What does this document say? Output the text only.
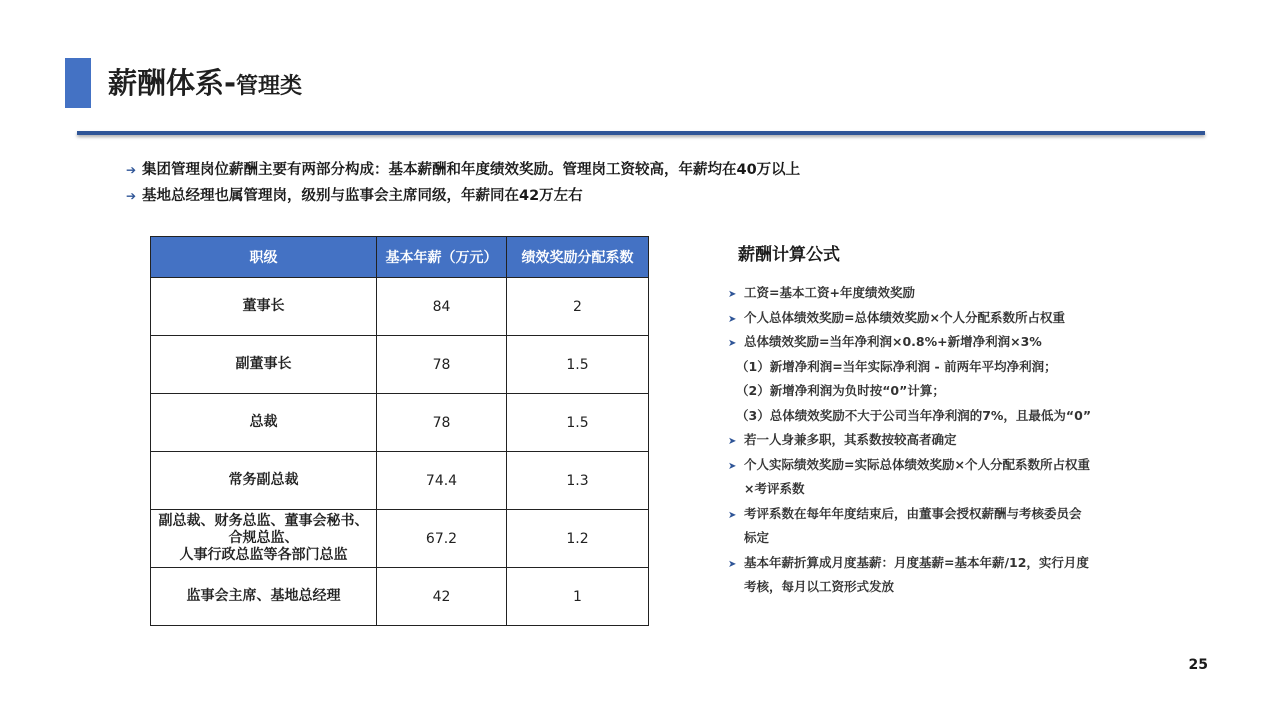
薪酬体系-管理类
➔ 集团管理岗位薪酬主要有两部分构成：基本薪酬和年度绩效奖励。管理岗工资较高，年薪均在40万以上
➔ 基地总经理也属管理岗，级别与监事会主席同级，年薪同在42万左右
职级	基本年薪（万元）	绩效奖励分配系数

董事长	84	2

副董事长	78	1.5

总裁	78	1.5

常务副总裁	74.4	1.3

副总裁、财务总监、董事会秘书、
合规总监、
人事行政总监等各部门总监	67.2	1.2

监事会主席、基地总经理	42	1
薪酬计算公式
➤ 工资=基本工资+年度绩效奖励
➤ 个人总体绩效奖励=总体绩效奖励×个人分配系数所占权重
➤ 总体绩效奖励=当年净利润×0.8%+新增净利润×3%
（1）新增净利润=当年实际净利润 - 前两年平均净利润；
（2）新增净利润为负时按“0”计算；
（3）总体绩效奖励不大于公司当年净利润的7%，且最低为“0”
➤ 若一人身兼多职，其系数按较高者确定
➤ 个人实际绩效奖励=实际总体绩效奖励×个人分配系数所占权重
×考评系数
➤ 考评系数在每年年度结束后，由董事会授权薪酬与考核委员会
标定
➤ 基本年薪折算成月度基薪：月度基薪=基本年薪/12，实行月度
考核，每月以工资形式发放
25
